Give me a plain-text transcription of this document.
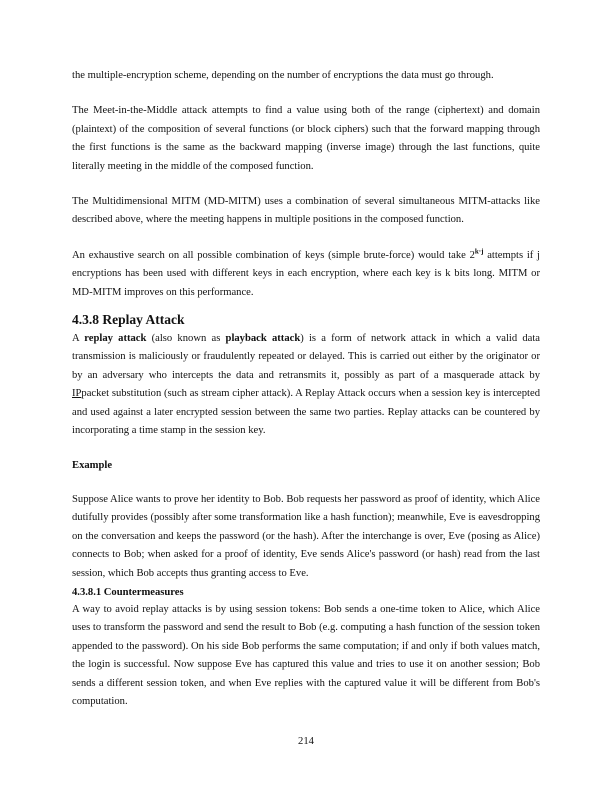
the multiple-encryption scheme, depending on the number of encryptions the data must go through.

The Meet-in-the-Middle attack attempts to find a value using both of the range (ciphertext) and domain (plaintext) of the composition of several functions (or block ciphers) such that the forward mapping through the first functions is the same as the backward mapping (inverse image) through the last functions, quite literally meeting in the middle of the composed function.

The Multidimensional MITM (MD-MITM) uses a combination of several simultaneous MITM-attacks like described above, where the meeting happens in multiple positions in the composed function.

An exhaustive search on all possible combination of keys (simple brute-force) would take $2^{k\cdot j}$ attempts if j encryptions has been used with different keys in each encryption, where each key is k bits long. MITM or MD-MITM improves on this performance.

4.3.8 Replay Attack

A replay attack (also known as playback attack) is a form of network attack in which a valid data transmission is maliciously or fraudulently repeated or delayed. This is carried out either by the originator or by an adversary who intercepts the data and retransmits it, possibly as part of a masquerade attack by IPpacket substitution (such as stream cipher attack). A Replay Attack occurs when a session key is intercepted and used against a later encrypted session between the same two parties. Replay attacks can be countered by incorporating a time stamp in the session key.

Example

Suppose Alice wants to prove her identity to Bob. Bob requests her password as proof of identity, which Alice dutifully provides (possibly after some transformation like a hash function); meanwhile, Eve is eavesdropping on the conversation and keeps the password (or the hash). After the interchange is over, Eve (posing as Alice) connects to Bob; when asked for a proof of identity, Eve sends Alice's password (or hash) read from the last session, which Bob accepts thus granting access to Eve.

4.3.8.1 Countermeasures

A way to avoid replay attacks is by using session tokens: Bob sends a one-time token to Alice, which Alice uses to transform the password and send the result to Bob (e.g. computing a hash function of the session token appended to the password). On his side Bob performs the same computation; if and only if both values match, the login is successful. Now suppose Eve has captured this value and tries to use it on another session; Bob sends a different session token, and when Eve replies with the captured value it will be different from Bob's computation.

214
